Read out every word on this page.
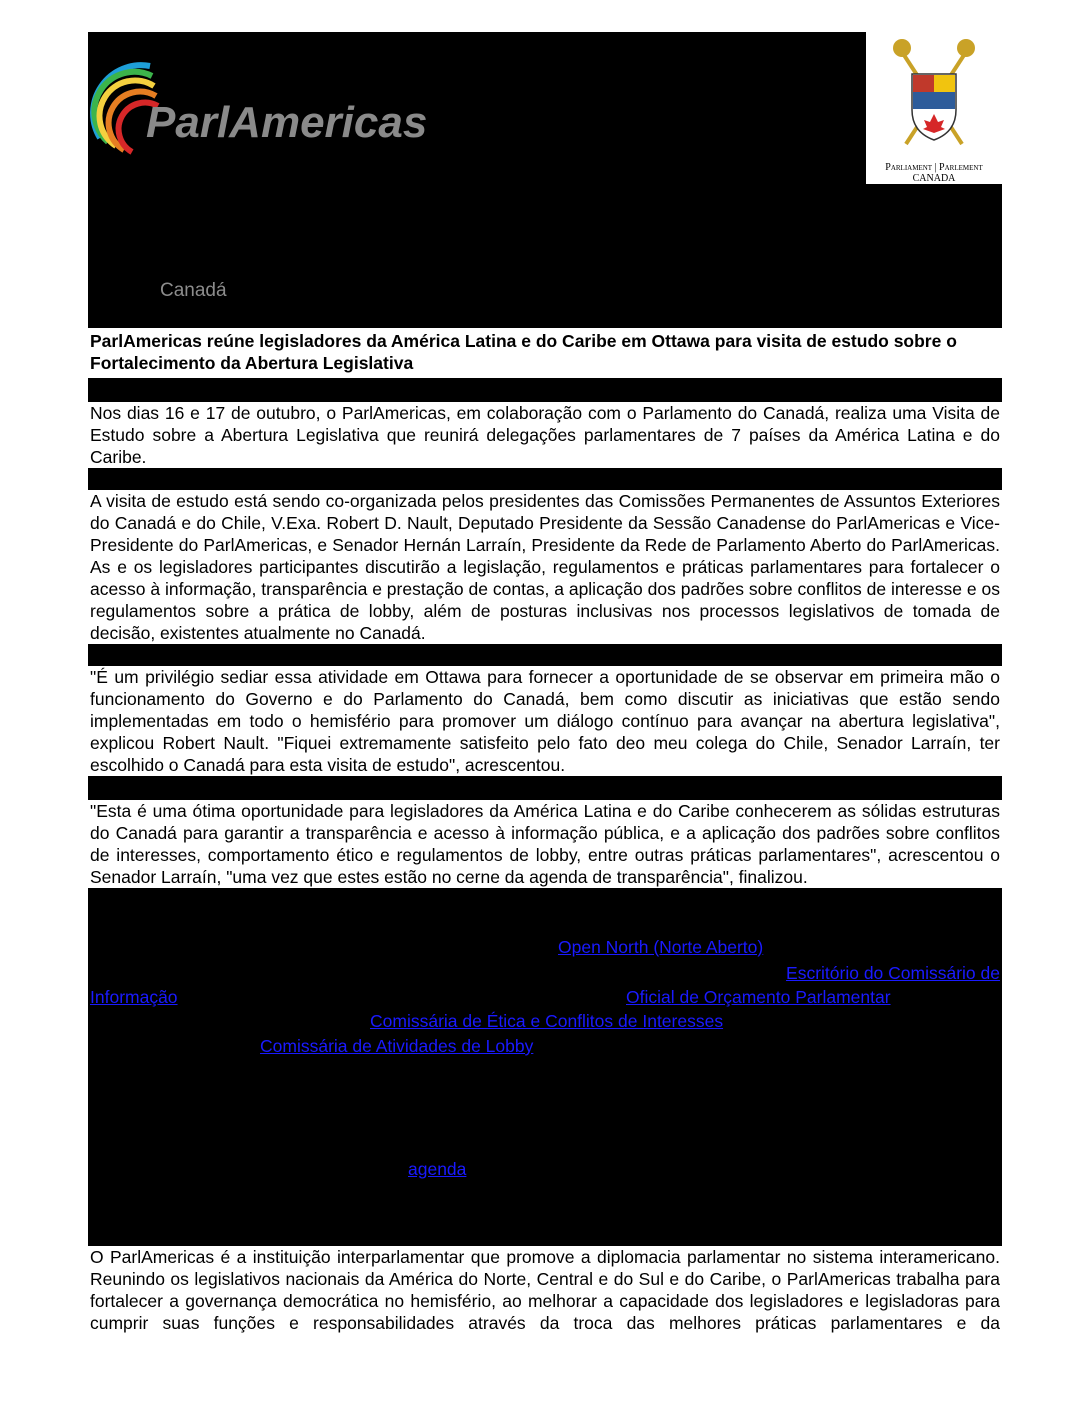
ParlAmericas
Parliament | Parlement
CANADA
Canadá
ParlAmericas reúne legisladores da América Latina e do Caribe em Ottawa para visita de estudo sobre o Fortalecimento da Abertura Legislativa
Nos dias 16 e 17 de outubro, o ParlAmericas, em colaboração com o Parlamento do Canadá, realiza uma Visita de Estudo sobre a Abertura Legislativa que reunirá delegações parlamentares de 7 países da América Latina e do Caribe.
A visita de estudo está sendo co-organizada pelos presidentes das Comissões Permanentes de Assuntos Exteriores do Canadá e do Chile, V.Exa. Robert D. Nault, Deputado Presidente da Sessão Canadense do ParlAmericas e Vice-Presidente do ParlAmericas, e Senador Hernán Larraín, Presidente da Rede de Parlamento Aberto do ParlAmericas. As e os legisladores participantes discutirão a legislação, regulamentos e práticas parlamentares para fortalecer o acesso à informação, transparência e prestação de contas, a aplicação dos padrões sobre conflitos de interesse e os regulamentos sobre a prática de lobby, além de posturas inclusivas nos processos legislativos de tomada de decisão, existentes atualmente no Canadá.
"É um privilégio sediar essa atividade em Ottawa para fornecer a oportunidade de se observar em primeira mão o funcionamento do Governo e do Parlamento do Canadá, bem como discutir as iniciativas que estão sendo implementadas em todo o hemisfério para promover um diálogo contínuo para avançar na abertura legislativa", explicou Robert Nault. "Fiquei extremamente satisfeito pelo fato deo meu colega do Chile, Senador Larraín, ter escolhido o Canadá para esta visita de estudo", acrescentou.
"Esta é uma ótima oportunidade para legisladores da América Latina e do Caribe conhecerem as sólidas estruturas do Canadá para garantir a transparência e acesso à informação pública, e a aplicação dos padrões sobre conflitos de interesses, comportamento ético e regulamentos de lobby, entre outras práticas parlamentares", acrescentou o Senador Larraín, "uma vez que estes estão no cerne da agenda de transparência", finalizou.
Open North (Norte Aberto)
Escritório do Comissário de
Informação	Oficial de Orçamento Parlamentar
Comissária de Ética e Conflitos de Interesses
Comissária de Atividades de Lobby
agenda
O ParlAmericas é a instituição interparlamentar que promove a diplomacia parlamentar no sistema interamericano. Reunindo os legislativos nacionais da América do Norte, Central e do Sul e do Caribe, o ParlAmericas trabalha para fortalecer a governança democrática no hemisfério, ao melhorar a capacidade dos legisladores e legisladoras para cumprir suas funções e responsabilidades através da troca das melhores práticas parlamentares e da
